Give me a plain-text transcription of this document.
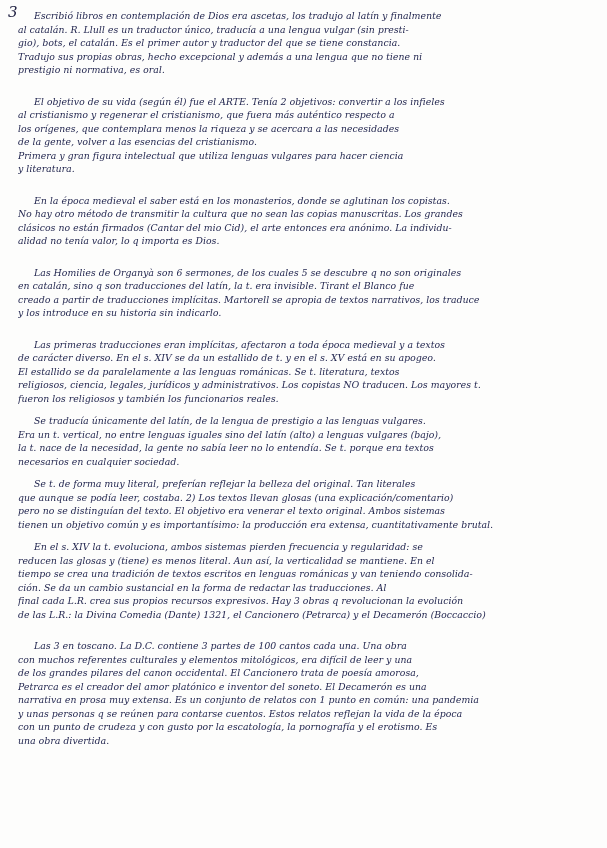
3	Escribió libros en contemplación de Dios era ascetas, los tradujo al latín y finalmente
al catalán. R. Llull es un traductor único, traducía a una lengua vulgar (sin presti-
gio), bots, el catalán. Es el primer autor y traductor del que se tiene constancia.
Tradujo sus propias obras, hecho excepcional y además a una lengua que no tiene ni
prestigio ni normativa, es oral.
El objetivo de su vida (según él) fue el ARTE. Tenía 2 objetivos: convertir a los infieles
al cristianismo y regenerar el cristianismo, que fuera más auténtico respecto a
los orígenes, que contemplara menos la riqueza y se acercara a las necesidades
de la gente, volver a las esencias del cristianismo.
Primera y gran figura intelectual que utiliza lenguas vulgares para hacer ciencia
y literatura.
En la época medieval el saber está en los monasterios, donde se aglutinan los copistas.
No hay otro método de transmitir la cultura que no sean las copias manuscritas. Los grandes
clásicos no están firmados (Cantar del mio Cid), el arte entonces era anónimo. La individu-
alidad no tenía valor, lo q importa es Dios.
Las Homilies de Organyà son 6 sermones, de los cuales 5 se descubre q no son originales
en catalán, sino q son traducciones del latín, la t. era invisible. Tirant el Blanco fue
creado a partir de traducciones implícitas. Martorell se apropia de textos narrativos, los traduce
y los introduce en su historia sin indicarlo.
Las primeras traducciones eran implícitas, afectaron a toda época medieval y a textos
de carácter diverso. En el s. XIV se da un estallido de t. y en el s. XV está en su apogeo.
El estallido se da paralelamente a las lenguas románicas. Se t. literatura, textos
religiosos, ciencia, legales, jurídicos y administrativos. Los copistas NO traducen. Los mayores t.
fueron los religiosos y también los funcionarios reales.
Se traducía únicamente del latín, de la lengua de prestigio a las lenguas vulgares.
Era un t. vertical, no entre lenguas iguales sino del latín (alto) a lenguas vulgares (bajo),
la t. nace de la necesidad, la gente no sabía leer no lo entendía. Se t. porque era textos
necesarios en cualquier sociedad.
Se t. de forma muy literal, preferían reflejar la belleza del original. Tan literales
que aunque se podía leer, costaba. 2) Los textos llevan glosas (una explicación/comentario)
pero no se distinguían del texto. El objetivo era venerar el texto original. Ambos sistemas
tienen un objetivo común y es importantísimo: la producción era extensa, cuantitativamente brutal.
En el s. XIV la t. evoluciona, ambos sistemas pierden frecuencia y regularidad: se
reducen las glosas y (tiene) es menos literal. Aun así, la verticalidad se mantiene. En el
tiempo se crea una tradición de textos escritos en lenguas románicas y van teniendo consolida-
ción. Se da un cambio sustancial en la forma de redactar las traducciones. Al
final cada L.R. crea sus propios recursos expresivos. Hay 3 obras q revolucionan la evolución
de las L.R.: la Divina Comedia (Dante) 1321, el Cancionero (Petrarca) y el Decamerón (Boccaccio)
Las 3 en toscano. La D.C. contiene 3 partes de 100 cantos cada una. Una obra
con muchos referentes culturales y elementos mitológicos, era difícil de leer y una
de los grandes pilares del canon occidental. El Cancionero trata de poesía amorosa,
Petrarca es el creador del amor platónico e inventor del soneto. El Decamerón es una
narrativa en prosa muy extensa. Es un conjunto de relatos con 1 punto en común: una pandemia
y unas personas q se reúnen para contarse cuentos. Estos relatos reflejan la vida de la época
con un punto de crudeza y con gusto por la escatología, la pornografía y el erotismo. Es
una obra divertida.
